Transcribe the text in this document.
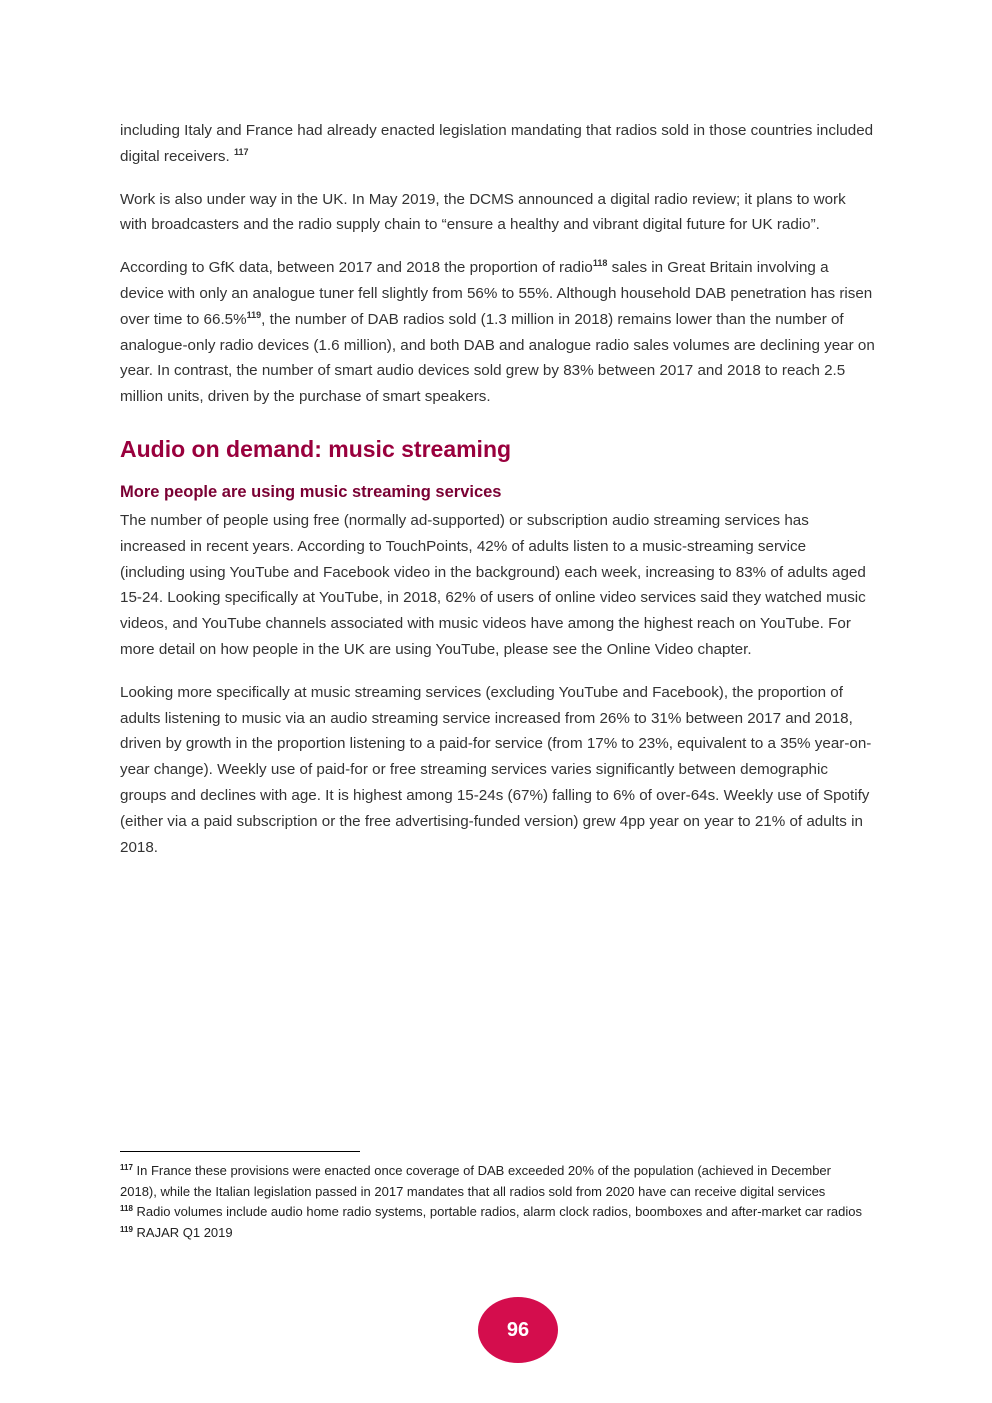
including Italy and France had already enacted legislation mandating that radios sold in those countries included digital receivers. $^{117}$

Work is also under way in the UK. In May 2019, the DCMS announced a digital radio review; it plans to work with broadcasters and the radio supply chain to “ensure a healthy and vibrant digital future for UK radio”.

According to GfK data, between 2017 and 2018 the proportion of radio$^{118}$ sales in Great Britain involving a device with only an analogue tuner fell slightly from 56% to 55%. Although household DAB penetration has risen over time to 66.5%$^{119}$, the number of DAB radios sold (1.3 million in 2018) remains lower than the number of analogue-only radio devices (1.6 million), and both DAB and analogue radio sales volumes are declining year on year. In contrast, the number of smart audio devices sold grew by 83% between 2017 and 2018 to reach 2.5 million units, driven by the purchase of smart speakers.

Audio on demand: music streaming
More people are using music streaming services

The number of people using free (normally ad-supported) or subscription audio streaming services has increased in recent years. According to TouchPoints, 42% of adults listen to a music-streaming service (including using YouTube and Facebook video in the background) each week, increasing to 83% of adults aged 15-24. Looking specifically at YouTube, in 2018, 62% of users of online video services said they watched music videos, and YouTube channels associated with music videos have among the highest reach on YouTube. For more detail on how people in the UK are using YouTube, please see the Online Video chapter.

Looking more specifically at music streaming services (excluding YouTube and Facebook), the proportion of adults listening to music via an audio streaming service increased from 26% to 31% between 2017 and 2018, driven by growth in the proportion listening to a paid-for service (from 17% to 23%, equivalent to a 35% year-on-year change). Weekly use of paid-for or free streaming services varies significantly between demographic groups and declines with age. It is highest among 15-24s (67%) falling to 6% of over-64s. Weekly use of Spotify (either via a paid subscription or the free advertising-funded version) grew 4pp year on year to 21% of adults in 2018.

$^{117}$ In France these provisions were enacted once coverage of DAB exceeded 20% of the population (achieved in December 2018), while the Italian legislation passed in 2017 mandates that all radios sold from 2020 have can receive digital services

$^{118}$ Radio volumes include audio home radio systems, portable radios, alarm clock radios, boomboxes and after-market car radios

$^{119}$ RAJAR Q1 2019

96
